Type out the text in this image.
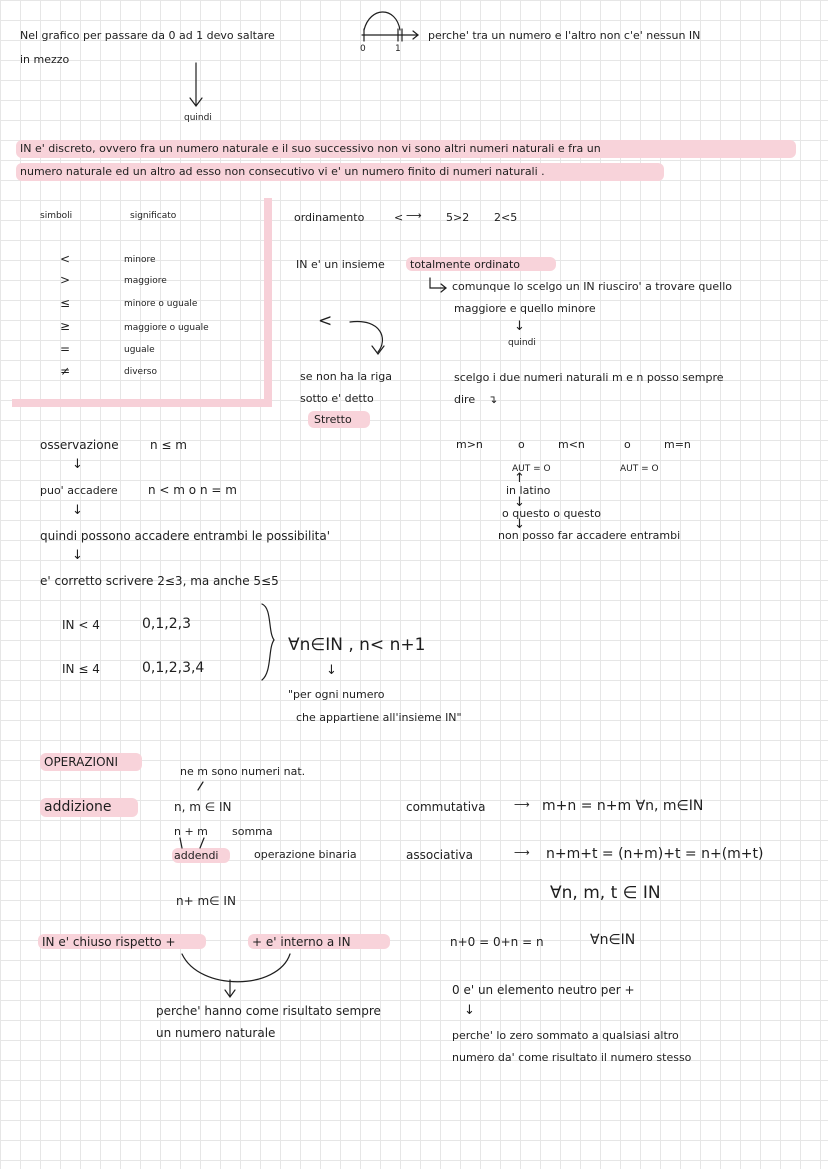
Nel grafico per passare da 0 ad 1 devo saltare
0	1
perche' tra un numero e l'altro non c'e' nessun IN
in mezzo
quindi
IN e' discreto, ovvero fra un numero naturale e il suo successivo non vi sono altri numeri naturali e fra un
numero naturale ed un altro ad esso non consecutivo vi e' un numero finito di numeri naturali .
simboli	significato
<	minore
>	maggiore
≤	minore o uguale
≥	maggiore o uguale
=	uguale
≠	diverso
ordinamento	< ⟶ 5>2 2<5
IN e' un insieme totalmente ordinato
comunque lo scelgo un IN riusciro' a trovare quello
maggiore e quello minore
↓
quindi
<
se non ha la riga
sotto e' detto
Stretto
scelgo i due numeri naturali m e n posso sempre
dire ↴
m>n	o	m<n	o	m=n
AUT = O	AUT = O
↑
in latino
↓
o questo o questo
↓
non posso far accadere entrambi
osservazione	n ≤ m
↓
puo' accadere	n < m o n = m
↓
quindi possono accadere entrambi le possibilita'
↓
e' corretto scrivere 2≤3, ma anche 5≤5
IN < 4	0,1,2,3
IN ≤ 4	0,1,2,3,4
∀n∈IN , n< n+1
↓
"per ogni numero
che appartiene all'insieme IN"
OPERAZIONI
ne m sono numeri nat.
addizione	n, m ∈ IN
n + m somma
addendi	operazione binaria
n+ m∈ IN
commutativa	⟶ m+n = n+m ∀n, m∈IN
associativa	⟶ n+m+t = (n+m)+t = n+(m+t)
∀n, m, t ∈ IN
IN e' chiuso rispetto +	+ e' interno a IN
perche' hanno come risultato sempre
un numero naturale
n+0 = 0+n = n	∀n∈IN
0 e' un elemento neutro per +
↓
perche' lo zero sommato a qualsiasi altro
numero da' come risultato il numero stesso
